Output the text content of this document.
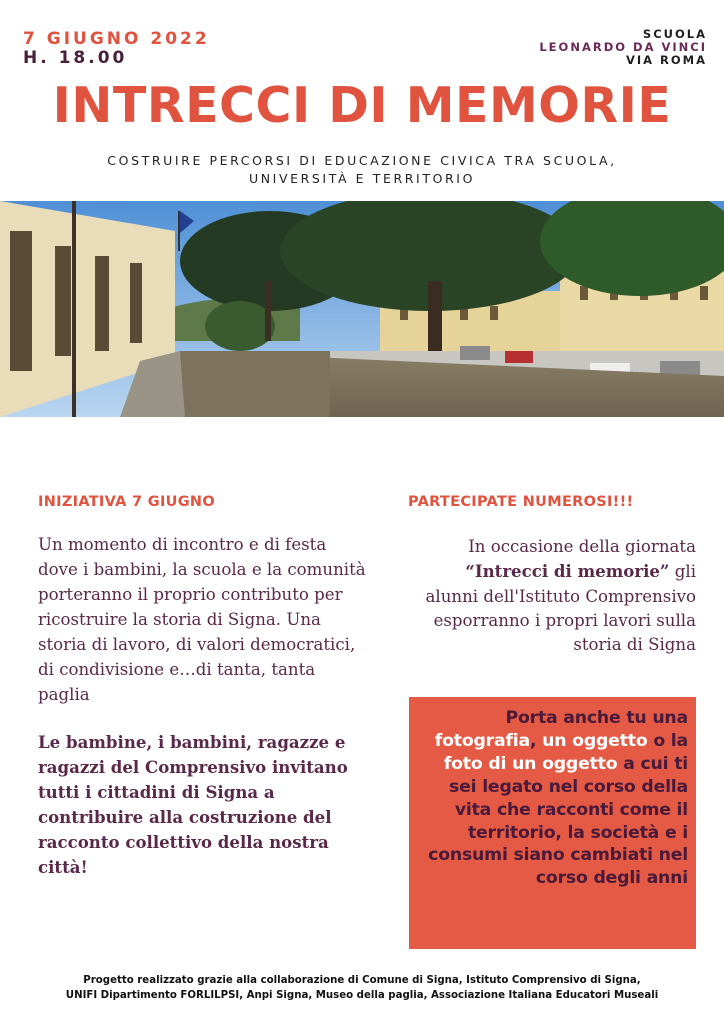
7 GIUGNO 2022
H. 18.00
SCUOLA
LEONARDO DA VINCI
VIA ROMA
INTRECCI DI MEMORIE
COSTRUIRE PERCORSI DI EDUCAZIONE CIVICA TRA SCUOLA,
UNIVERSITÀ E TERRITORIO
INIZIATIVA 7 GIUGNO

Un momento di incontro e di festa dove i bambini, la scuola e la comunità porteranno il proprio contributo per ricostruire la storia di Signa. Una storia di lavoro, di valori democratici, di condivisione e…di tanta, tanta paglia

Le bambine, i bambini, ragazze e ragazzi del Comprensivo invitano tutti i cittadini di Signa a contribuire alla costruzione del racconto collettivo della nostra città!

PARTECIPATE NUMEROSI!!!

In occasione della giornata “Intrecci di memorie” gli alunni dell'Istituto Comprensivo esporranno i propri lavori sulla storia di Signa

Porta anche tu una fotografia, un oggetto o la foto di un oggetto a cui ti sei legato nel corso della vita che racconti come il territorio, la società e i consumi siano cambiati nel corso degli anni
Progetto realizzato grazie alla collaborazione di Comune di Signa, Istituto Comprensivo di Signa,
UNIFI Dipartimento FORLILPSI, Anpi Signa, Museo della paglia, Associazione Italiana Educatori Museali
